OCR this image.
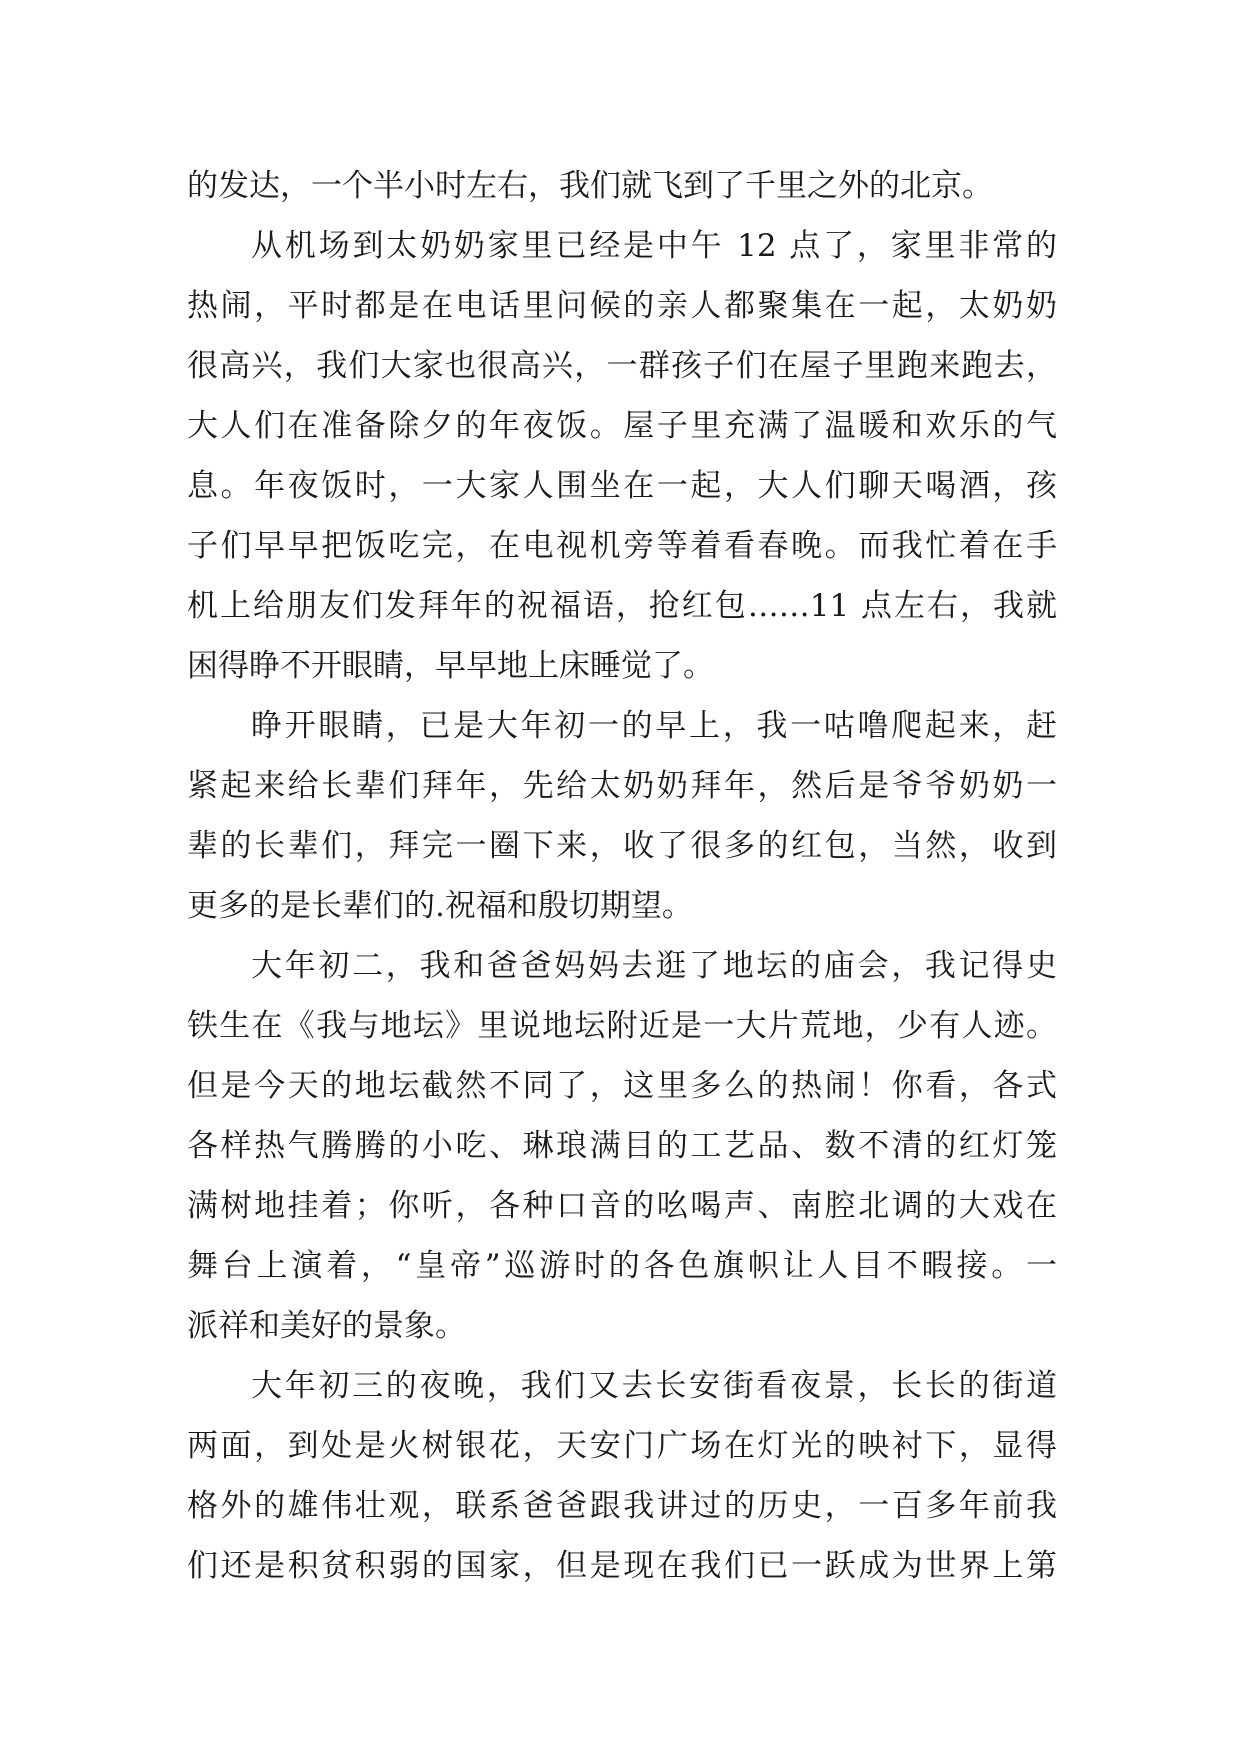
的发达，一个半小时左右，我们就飞到了千里之外的北京。
从机场到太奶奶家里已经是中午 12 点了，家里非常的
热闹，平时都是在电话里问候的亲人都聚集在一起，太奶奶
很高兴，我们大家也很高兴，一群孩子们在屋子里跑来跑去，
大人们在准备除夕的年夜饭。屋子里充满了温暖和欢乐的气
息。年夜饭时，一大家人围坐在一起，大人们聊天喝酒，孩
子们早早把饭吃完，在电视机旁等着看春晚。而我忙着在手
机上给朋友们发拜年的祝福语，抢红包……11 点左右，我就
困得睁不开眼睛，早早地上床睡觉了。
睁开眼睛，已是大年初一的早上，我一咕噜爬起来，赶
紧起来给长辈们拜年，先给太奶奶拜年，然后是爷爷奶奶一
辈的长辈们，拜完一圈下来，收了很多的红包，当然，收到
更多的是长辈们的.祝福和殷切期望。
大年初二，我和爸爸妈妈去逛了地坛的庙会，我记得史
铁生在《我与地坛》里说地坛附近是一大片荒地，少有人迹。
但是今天的地坛截然不同了，这里多么的热闹！你看，各式
各样热气腾腾的小吃、琳琅满目的工艺品、数不清的红灯笼
满树地挂着；你听，各种口音的吆喝声、南腔北调的大戏在
舞台上演着，“皇帝”巡游时的各色旗帜让人目不暇接。一
派祥和美好的景象。
大年初三的夜晚，我们又去长安街看夜景，长长的街道
两面，到处是火树银花，天安门广场在灯光的映衬下，显得
格外的雄伟壮观，联系爸爸跟我讲过的历史，一百多年前我
们还是积贫积弱的国家，但是现在我们已一跃成为世界上第
